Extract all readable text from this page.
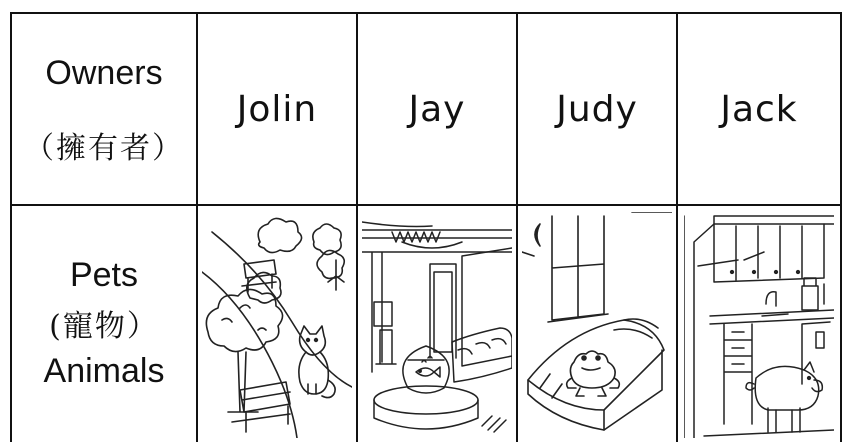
Owners
（擁有者）
Jolin	Jay	Judy Jack
Pets
(寵物）
Animals
